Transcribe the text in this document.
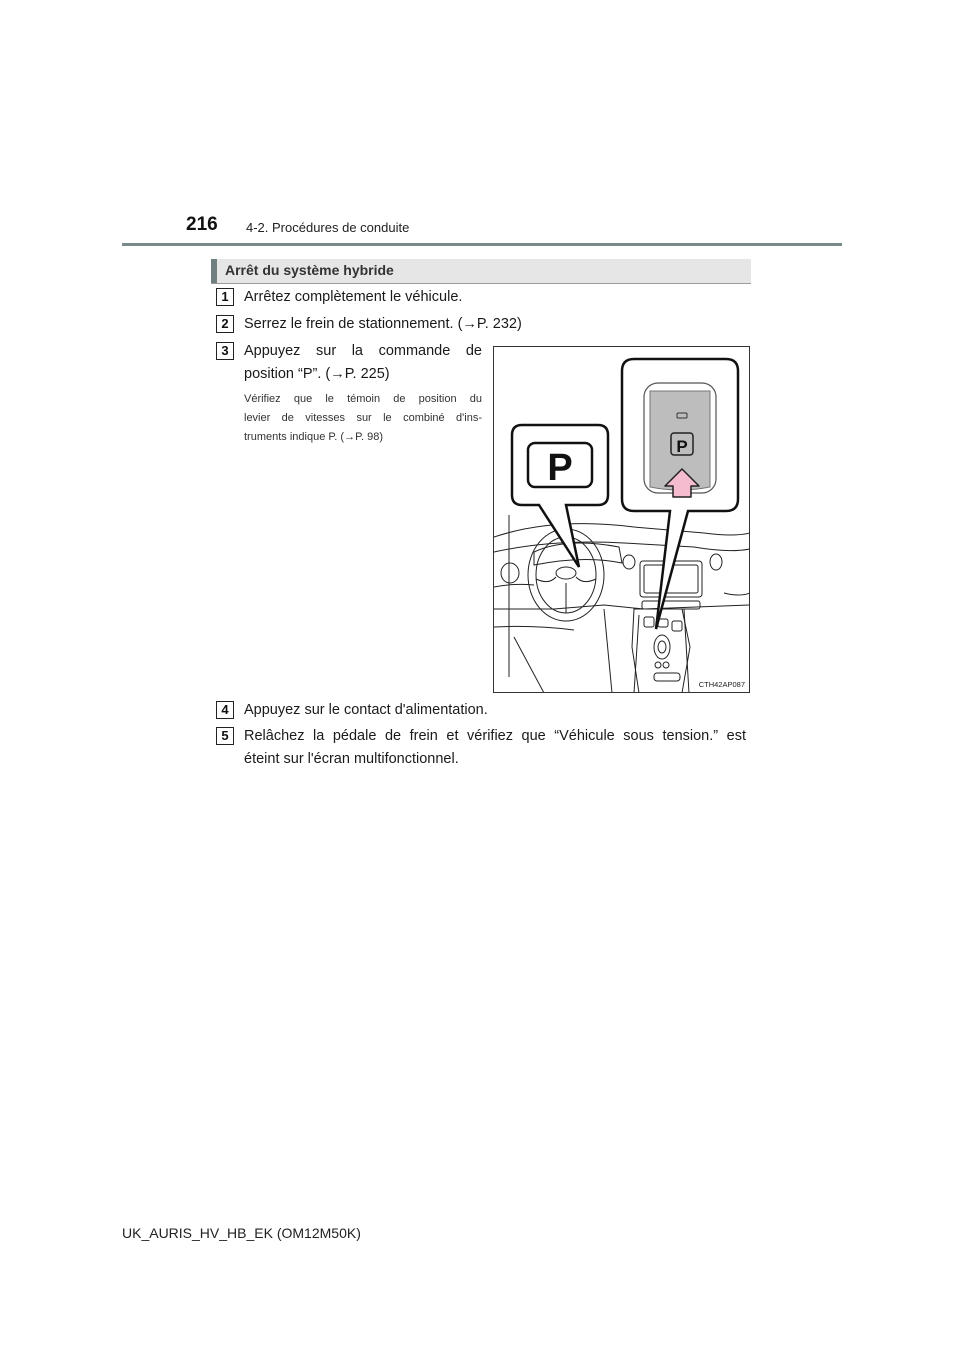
216 4-2. Procédures de conduite
Arrêt du système hybride
1	Arrêtez complètement le véhicule.
2	Serrez le frein de stationnement. (→P. 232)
3	Appuyez sur la commande de
position “P”. (→P. 225)
Vérifiez que le témoin de position du
levier de vitesses sur le combiné d'ins-
truments indique P. (→P. 98)
P
P
CTH42AP087
4	Appuyez sur le contact d'alimentation.
5	Relâchez la pédale de frein et vérifiez que “Véhicule sous tension.” est
éteint sur l'écran multifonctionnel.
UK_AURIS_HV_HB_EK (OM12M50K)
